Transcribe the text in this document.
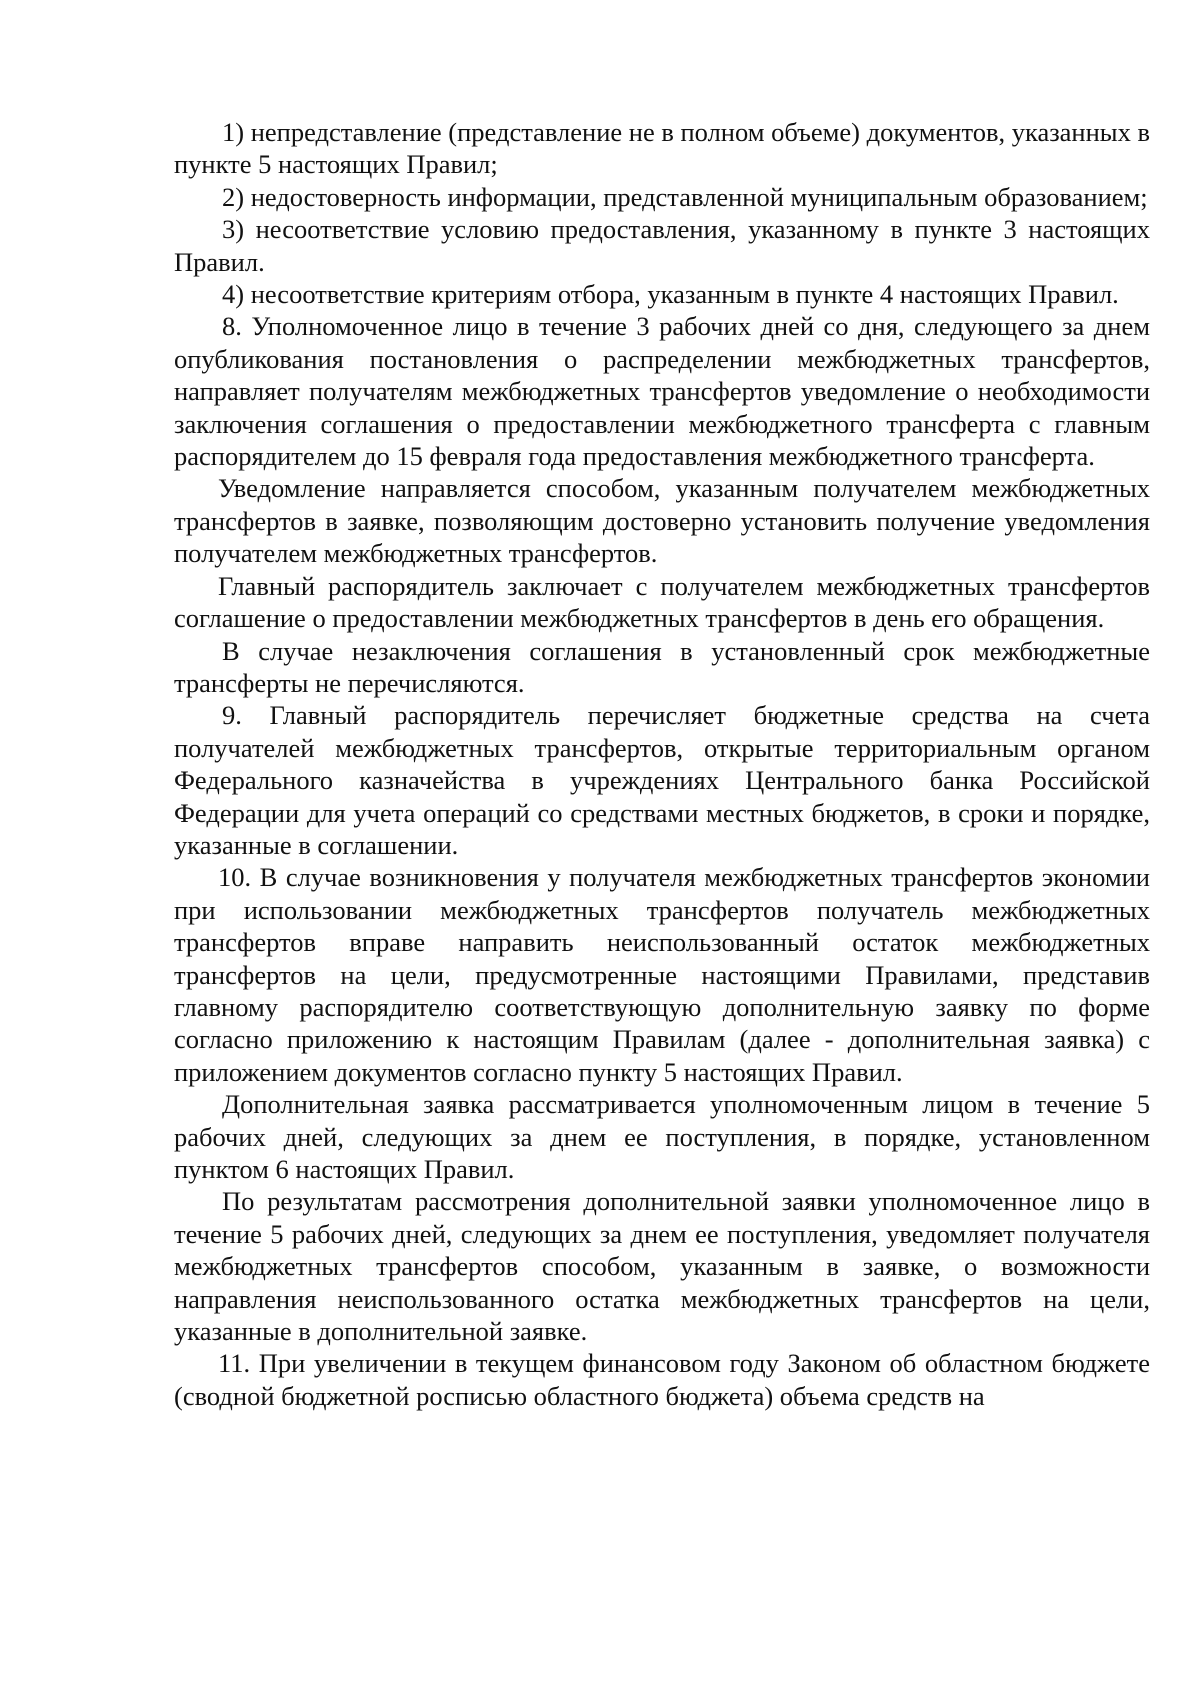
1) непредставление (представление не в полном объеме) документов, указанных в пункте 5 настоящих Правил;

2) недостоверность информации, представленной муниципальным образованием;

3) несоответствие условию предоставления, указанному в пункте 3 настоящих Правил.

4) несоответствие критериям отбора, указанным в пункте 4 настоящих Правил.

8. Уполномоченное лицо в течение 3 рабочих дней со дня, следующего за днем опубликования постановления о распределении межбюджетных трансфертов, направляет получателям межбюджетных трансфертов уведомление о необходимости заключения соглашения о предоставлении межбюджетного трансферта с главным распорядителем до 15 февраля года предоставления межбюджетного трансферта.

Уведомление направляется способом, указанным получателем межбюджетных трансфертов в заявке, позволяющим достоверно установить получение уведомления получателем межбюджетных трансфертов.

Главный распорядитель заключает с получателем межбюджетных трансфертов соглашение о предоставлении межбюджетных трансфертов в день его обращения.

В случае незаключения соглашения в установленный срок межбюджетные трансферты не перечисляются.

9. Главный распорядитель перечисляет бюджетные средства на счета получателей межбюджетных трансфертов, открытые территориальным органом Федерального казначейства в учреждениях Центрального банка Российской Федерации для учета операций со средствами местных бюджетов, в сроки и порядке, указанные в соглашении.

10. В случае возникновения у получателя межбюджетных трансфертов экономии при использовании межбюджетных трансфертов получатель межбюджетных трансфертов вправе направить неиспользованный остаток межбюджетных трансфертов на цели, предусмотренные настоящими Правилами, представив главному распорядителю соответствующую дополнительную заявку по форме согласно приложению к настоящим Правилам (далее - дополнительная заявка) с приложением документов согласно пункту 5 настоящих Правил.

Дополнительная заявка рассматривается уполномоченным лицом в течение 5 рабочих дней, следующих за днем ее поступления, в порядке, установленном пунктом 6 настоящих Правил.

По результатам рассмотрения дополнительной заявки уполномоченное лицо в течение 5 рабочих дней, следующих за днем ее поступления, уведомляет получателя межбюджетных трансфертов способом, указанным в заявке, о возможности направления неиспользованного остатка межбюджетных трансфертов на цели, указанные в дополнительной заявке.

11. При увеличении в текущем финансовом году Законом об областном бюджете (сводной бюджетной росписью областного бюджета) объема средств на
